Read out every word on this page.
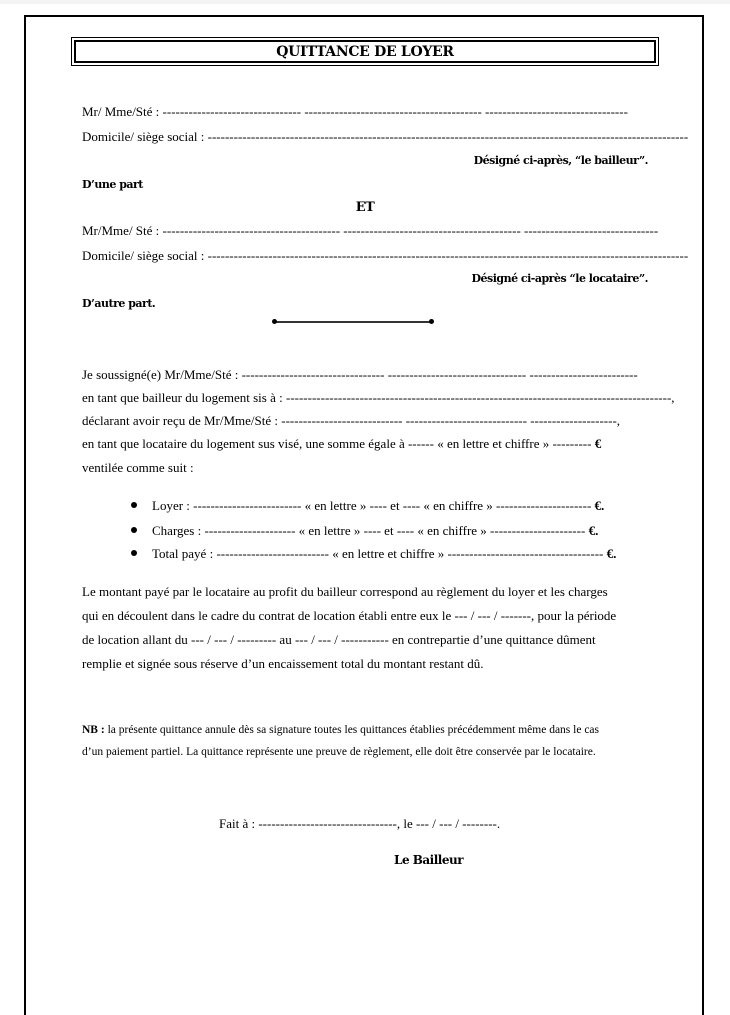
QUITTANCE DE LOYER
Mr/ Mme/Sté : -------------------------------- ----------------------------------------- ---------------------------------
Domicile/ siège social : ---------------------------------------------------------------------------------------------------------------
Désigné ci-après, “le bailleur”.
D’une part
ET
Mr/Mme/ Sté : ----------------------------------------- ----------------------------------------- -------------------------------
Domicile/ siège social : ---------------------------------------------------------------------------------------------------------------
Désigné ci-après “le locataire”.
D’autre part.
Je soussigné(e) Mr/Mme/Sté : --------------------------------- -------------------------------- -------------------------
en tant que bailleur du logement sis à : -----------------------------------------------------------------------------------------,
déclarant avoir reçu de Mr/Mme/Sté : ---------------------------- ---------------------------- --------------------,
en tant que locataire du logement sus visé, une somme égale à ------ « en lettre et chiffre » --------- €
ventilée comme suit :
Loyer : ------------------------- « en lettre » ---- et ---- « en chiffre » ---------------------- €.
Charges : --------------------- « en lettre » ---- et ---- « en chiffre » ---------------------- €.
Total payé : -------------------------- « en lettre et chiffre » ------------------------------------ €.
Le montant payé par le locataire au profit du bailleur correspond au règlement du loyer et les charges
qui en découlent dans le cadre du contrat de location établi entre eux le --- / --- / -------, pour la période
de location allant du --- / --- / --------- au --- / --- / ----------- en contrepartie d’une quittance dûment
remplie et signée sous réserve d’un encaissement total du montant restant dû.
NB : la présente quittance annule dès sa signature toutes les quittances établies précédemment même dans le cas
d’un paiement partiel. La quittance représente une preuve de règlement, elle doit être conservée par le locataire.
Fait à : --------------------------------, le --- / --- / --------.
Le Bailleur
